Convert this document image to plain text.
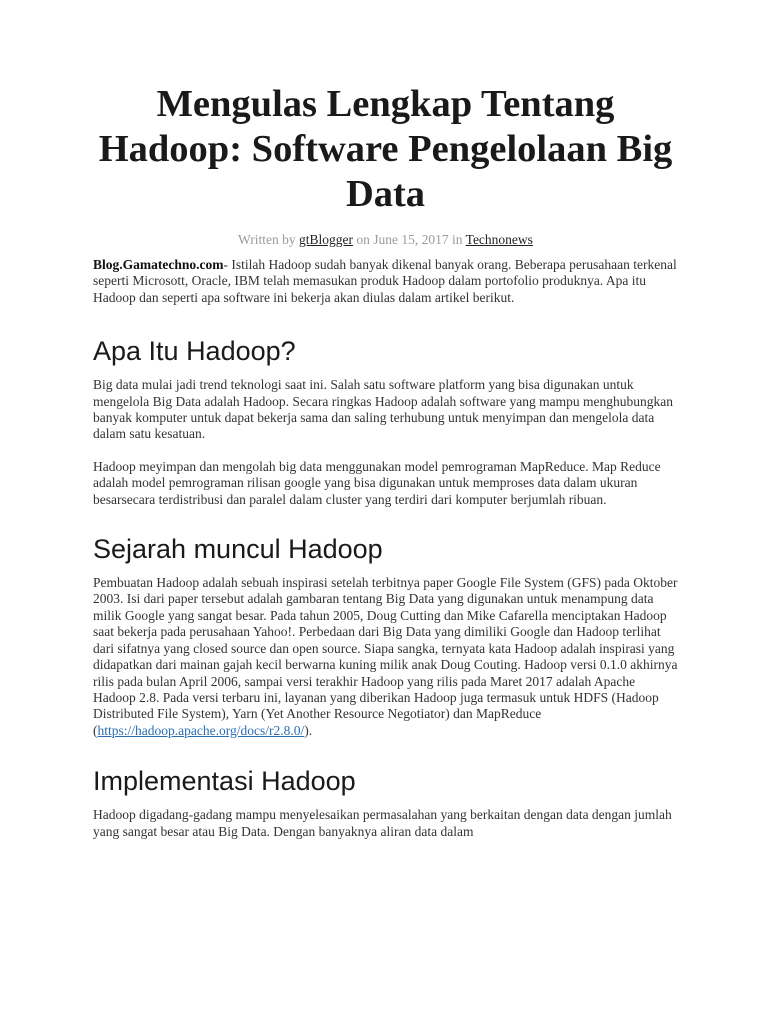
Mengulas Lengkap Tentang Hadoop: Software Pengelolaan Big Data
Written by gtBlogger on June 15, 2017 in Technonews

Blog.Gamatechno.com- Istilah Hadoop sudah banyak dikenal banyak orang. Beberapa perusahaan terkenal seperti Microsott, Oracle, IBM telah memasukan produk Hadoop dalam portofolio produknya. Apa itu Hadoop dan seperti apa software ini bekerja akan diulas dalam artikel berikut.

Apa Itu Hadoop?

Big data mulai jadi trend teknologi saat ini. Salah satu software platform yang bisa digunakan untuk mengelola Big Data adalah Hadoop. Secara ringkas Hadoop adalah software yang mampu menghubungkan banyak komputer untuk dapat bekerja sama dan saling terhubung untuk menyimpan dan mengelola data dalam satu kesatuan.

Hadoop meyimpan dan mengolah big data menggunakan model pemrograman MapReduce. Map Reduce adalah model pemrograman rilisan google yang bisa digunakan untuk memproses data dalam ukuran besarsecara terdistribusi dan paralel dalam cluster yang terdiri dari komputer berjumlah ribuan.

Sejarah muncul Hadoop

Pembuatan Hadoop adalah sebuah inspirasi setelah terbitnya paper Google File System (GFS) pada Oktober 2003. Isi dari paper tersebut adalah gambaran tentang Big Data yang digunakan untuk menampung data milik Google yang sangat besar. Pada tahun 2005, Doug Cutting dan Mike Cafarella menciptakan Hadoop saat bekerja pada perusahaan Yahoo!. Perbedaan dari Big Data yang dimiliki Google dan Hadoop terlihat dari sifatnya yang closed source dan open source. Siapa sangka, ternyata kata Hadoop adalah inspirasi yang didapatkan dari mainan gajah kecil berwarna kuning milik anak Doug Couting. Hadoop versi 0.1.0 akhirnya rilis pada bulan April 2006, sampai versi terakhir Hadoop yang rilis pada Maret 2017 adalah Apache Hadoop 2.8. Pada versi terbaru ini, layanan yang diberikan Hadoop juga termasuk untuk HDFS (Hadoop Distributed File System), Yarn (Yet Another Resource Negotiator) dan MapReduce (https://hadoop.apache.org/docs/r2.8.0/).

Implementasi Hadoop

Hadoop digadang-gadang mampu menyelesaikan permasalahan yang berkaitan dengan data dengan jumlah yang sangat besar atau Big Data. Dengan banyaknya aliran data dalam
